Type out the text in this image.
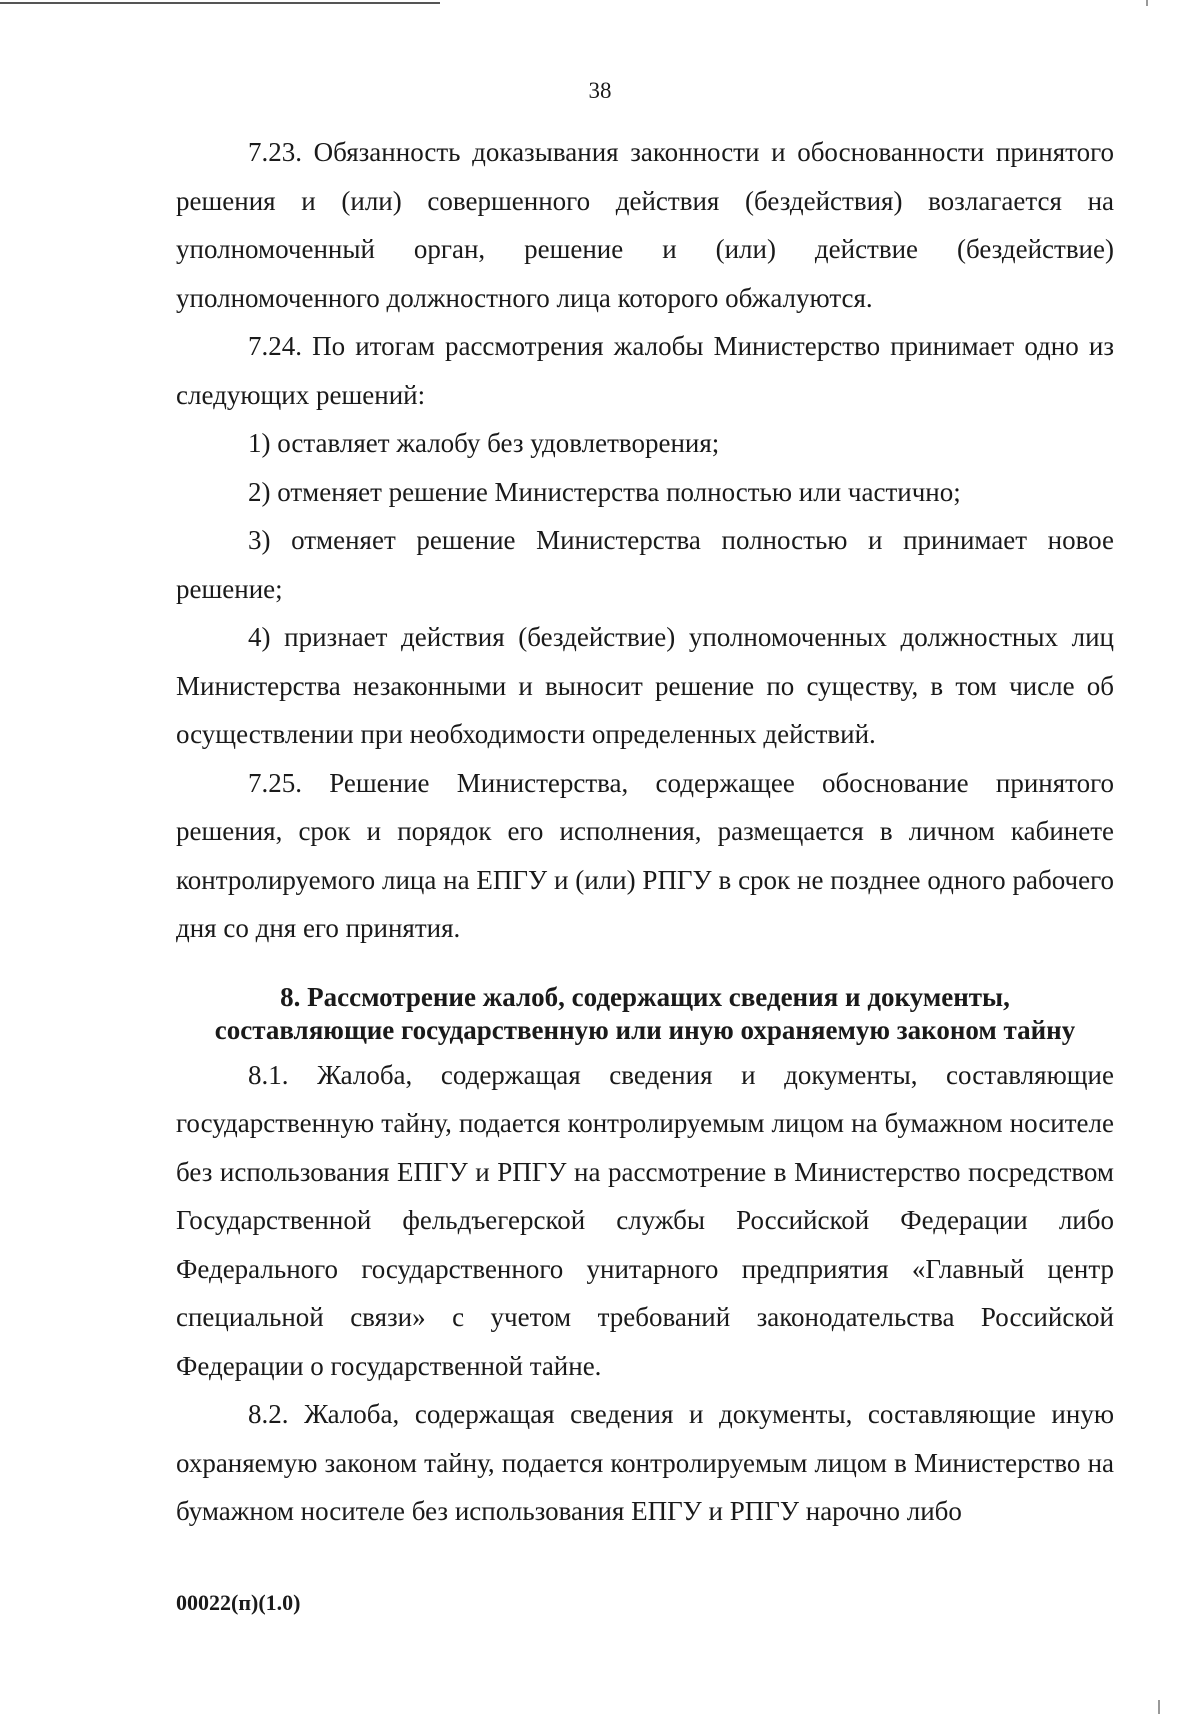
38

7.23. Обязанность доказывания законности и обоснованности принятого решения и (или) совершенного действия (бездействия) возлагается на уполномоченный орган, решение и (или) действие (бездействие) уполномоченного должностного лица которого обжалуются.

7.24. По итогам рассмотрения жалобы Министерство принимает одно из следующих решений:

1) оставляет жалобу без удовлетворения;

2) отменяет решение Министерства полностью или частично;

3) отменяет решение Министерства полностью и принимает новое решение;

4) признает действия (бездействие) уполномоченных должностных лиц Министерства незаконными и выносит решение по существу, в том числе об осуществлении при необходимости определенных действий.

7.25. Решение Министерства, содержащее обоснование принятого решения, срок и порядок его исполнения, размещается в личном кабинете контролируемого лица на ЕПГУ и (или) РПГУ в срок не позднее одного рабочего дня со дня его принятия.

8. Рассмотрение жалоб, содержащих сведения и документы,
составляющие государственную или иную охраняемую законом тайну

8.1. Жалоба, содержащая сведения и документы, составляющие государственную тайну, подается контролируемым лицом на бумажном носителе без использования ЕПГУ и РПГУ на рассмотрение в Министерство посредством Государственной фельдъегерской службы Российской Федерации либо Федерального государственного унитарного предприятия «Главный центр специальной связи» с учетом требований законодательства Российской Федерации о государственной тайне.

8.2. Жалоба, содержащая сведения и документы, составляющие иную охраняемую законом тайну, подается контролируемым лицом в Министерство на бумажном носителе без использования ЕПГУ и РПГУ нарочно либо

00022(п)(1.0)
